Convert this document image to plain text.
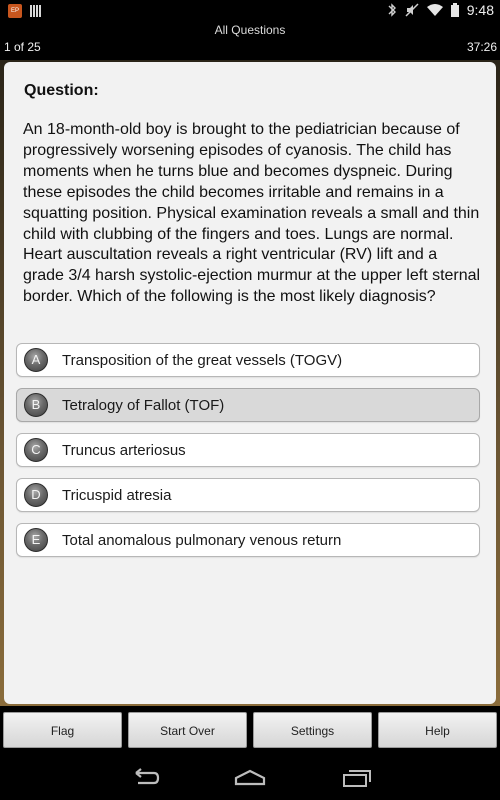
EP	9:48
All Questions
1 of 25	37:26
Question:
An 18-month-old boy is brought to the pediatrician because of progressively worsening episodes of cyanosis. The child has moments when he turns blue and becomes dyspneic. During these episodes the child becomes irritable and remains in a squatting position. Physical examination reveals a small and thin child with clubbing of the fingers and toes. Lungs are normal. Heart auscultation reveals a right ventricular (RV) lift and a grade 3/4 harsh systolic-ejection murmur at the upper left sternal border. Which of the following is the most likely diagnosis?
A	Transposition of the great vessels (TOGV)
B	Tetralogy of Fallot (TOF)
C	Truncus arteriosus
D	Tricuspid atresia
E	Total anomalous pulmonary venous return
Flag	Start Over	Settings	Help
